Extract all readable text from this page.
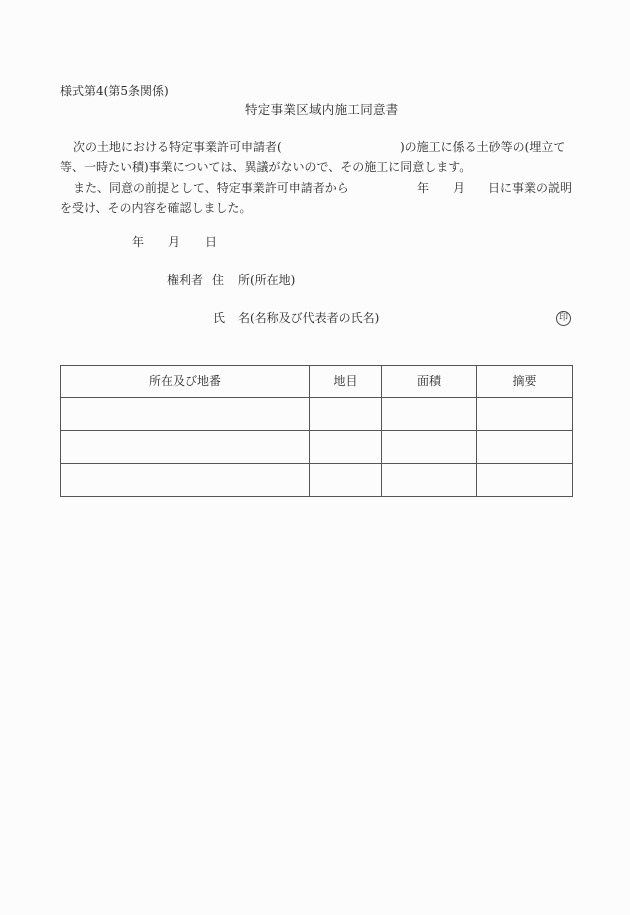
様式第4(第5条関係)
特定事業区域内施工同意書
次の土地における特定事業許可申請者(	)の施工に係る土砂等の(埋立て
等、一時たい積)事業については、異議がないので、その施工に同意します。
また、同意の前提として、特定事業許可申請者から	年 月 日に事業の説明
を受け、その内容を確認しました。
年 月 日
権利者 住 所(所在地)
氏 名(名称及び代表者の氏名)	印
所在及び地番	地目	面積	摘要
